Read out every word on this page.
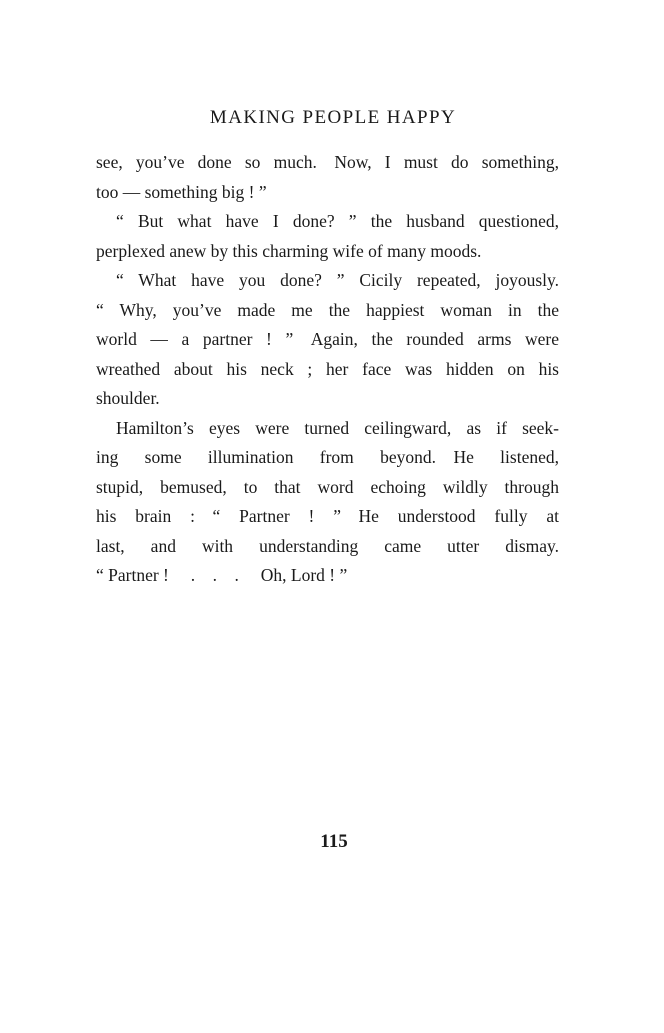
MAKING PEOPLE HAPPY
see, you’ve done so much. Now, I must do something,
too — something big ! ”
“ But what have I done? ” the husband questioned,
perplexed anew by this charming wife of many moods.
“ What have you done? ” Cicily repeated, joyously.
“ Why, you’ve made me the happiest woman in the
world — a partner ! ” Again, the rounded arms were
wreathed about his neck ; her face was hidden on his
shoulder.
Hamilton’s eyes were turned ceilingward, as if seek-
ing some illumination from beyond. He listened,
stupid, bemused, to that word echoing wildly through
his brain : “ Partner ! ” He understood fully at
last, and with understanding came utter dismay.
“ Partner !  . . .  Oh, Lord ! ”
115
